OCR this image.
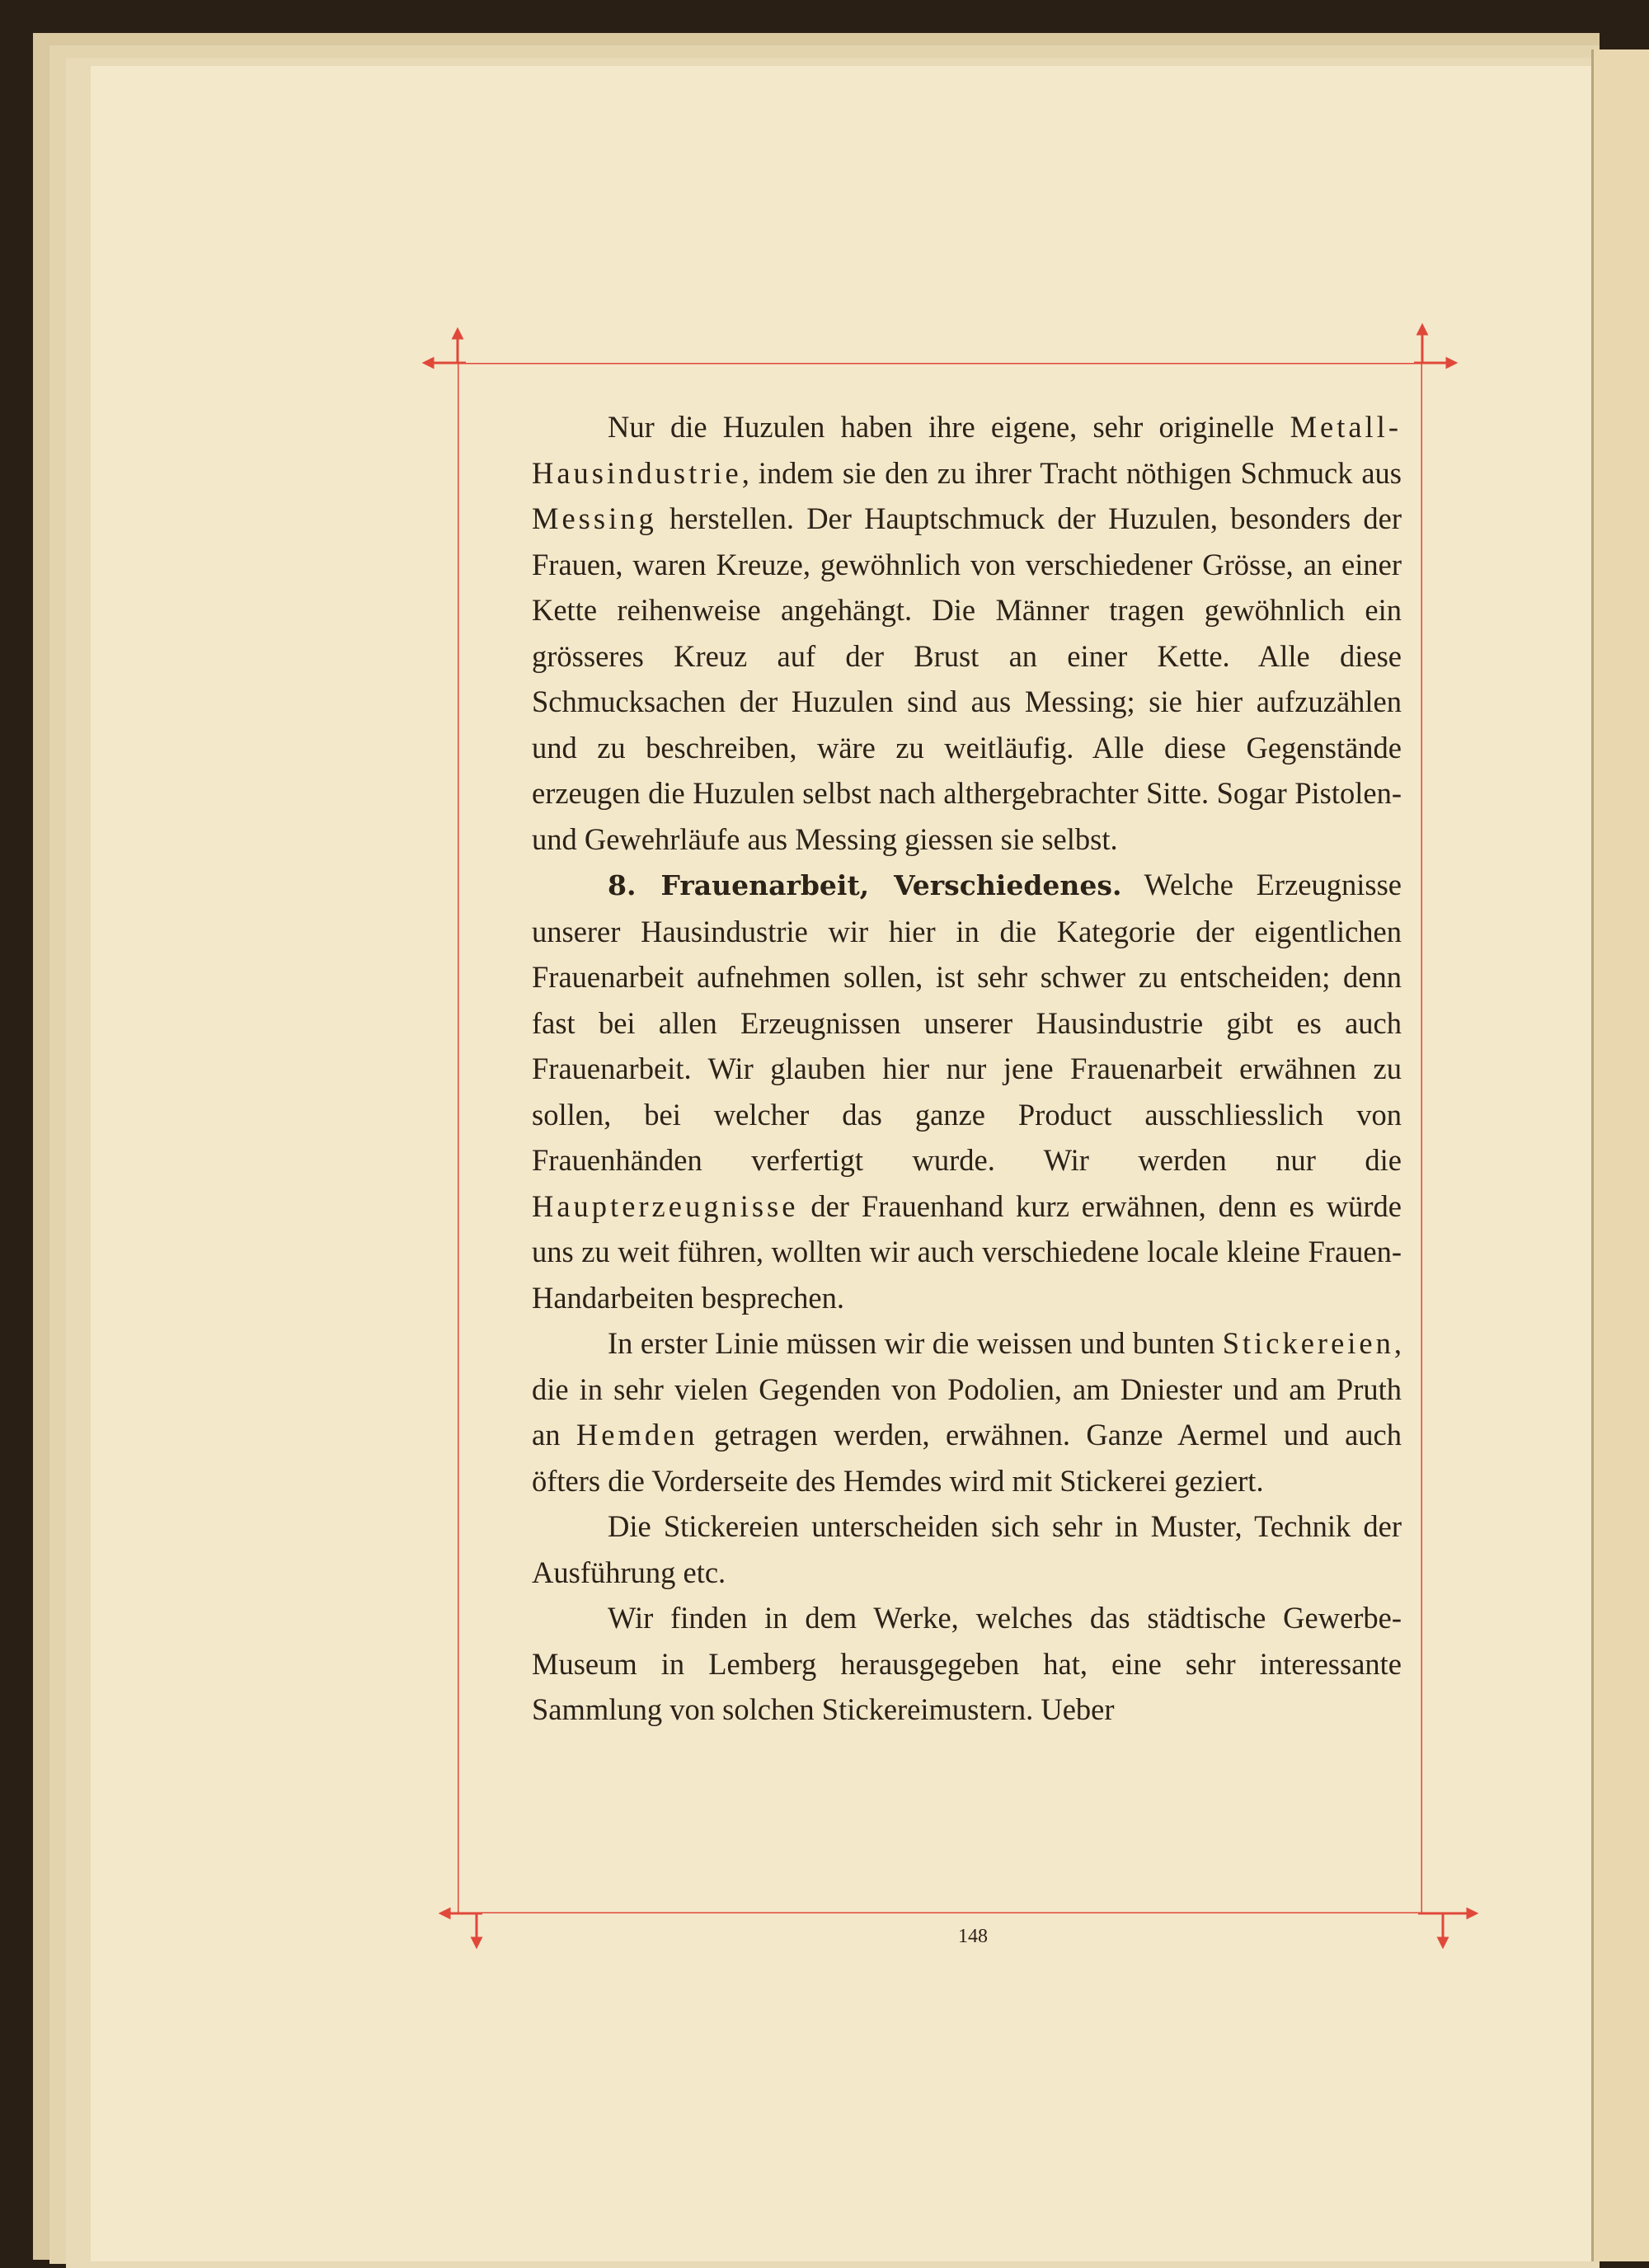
Nur die Huzulen haben ihre eigene, sehr originelle Metall-Hausindustrie, indem sie den zu ihrer Tracht nöthigen Schmuck aus Messing herstellen. Der Hauptschmuck der Huzulen, besonders der Frauen, waren Kreuze, gewöhnlich von verschiedener Grösse, an einer Kette reihenweise angehängt. Die Männer tragen gewöhnlich ein grösseres Kreuz auf der Brust an einer Kette. Alle diese Schmucksachen der Huzulen sind aus Messing; sie hier aufzuzählen und zu beschreiben, wäre zu weitläufig. Alle diese Gegenstände erzeugen die Huzulen selbst nach althergebrachter Sitte. Sogar Pistolen- und Gewehrläufe aus Messing giessen sie selbst.

8. Frauenarbeit, Verschiedenes. Welche Erzeugnisse unserer Hausindustrie wir hier in die Kategorie der eigentlichen Frauenarbeit aufnehmen sollen, ist sehr schwer zu entscheiden; denn fast bei allen Erzeugnissen unserer Hausindustrie gibt es auch Frauenarbeit. Wir glauben hier nur jene Frauenarbeit erwähnen zu sollen, bei welcher das ganze Product ausschliesslich von Frauenhänden verfertigt wurde. Wir werden nur die Haupterzeugnisse der Frauenhand kurz erwähnen, denn es würde uns zu weit führen, wollten wir auch verschiedene locale kleine Frauen-Handarbeiten besprechen.

In erster Linie müssen wir die weissen und bunten Stickereien, die in sehr vielen Gegenden von Podolien, am Dniester und am Pruth an Hemden getragen werden, erwähnen. Ganze Aermel und auch öfters die Vorderseite des Hemdes wird mit Stickerei geziert.

Die Stickereien unterscheiden sich sehr in Muster, Technik der Ausführung etc.

Wir finden in dem Werke, welches das städtische Gewerbe-Museum in Lemberg herausgegeben hat, eine sehr interessante Sammlung von solchen Stickereimustern. Ueber

148
